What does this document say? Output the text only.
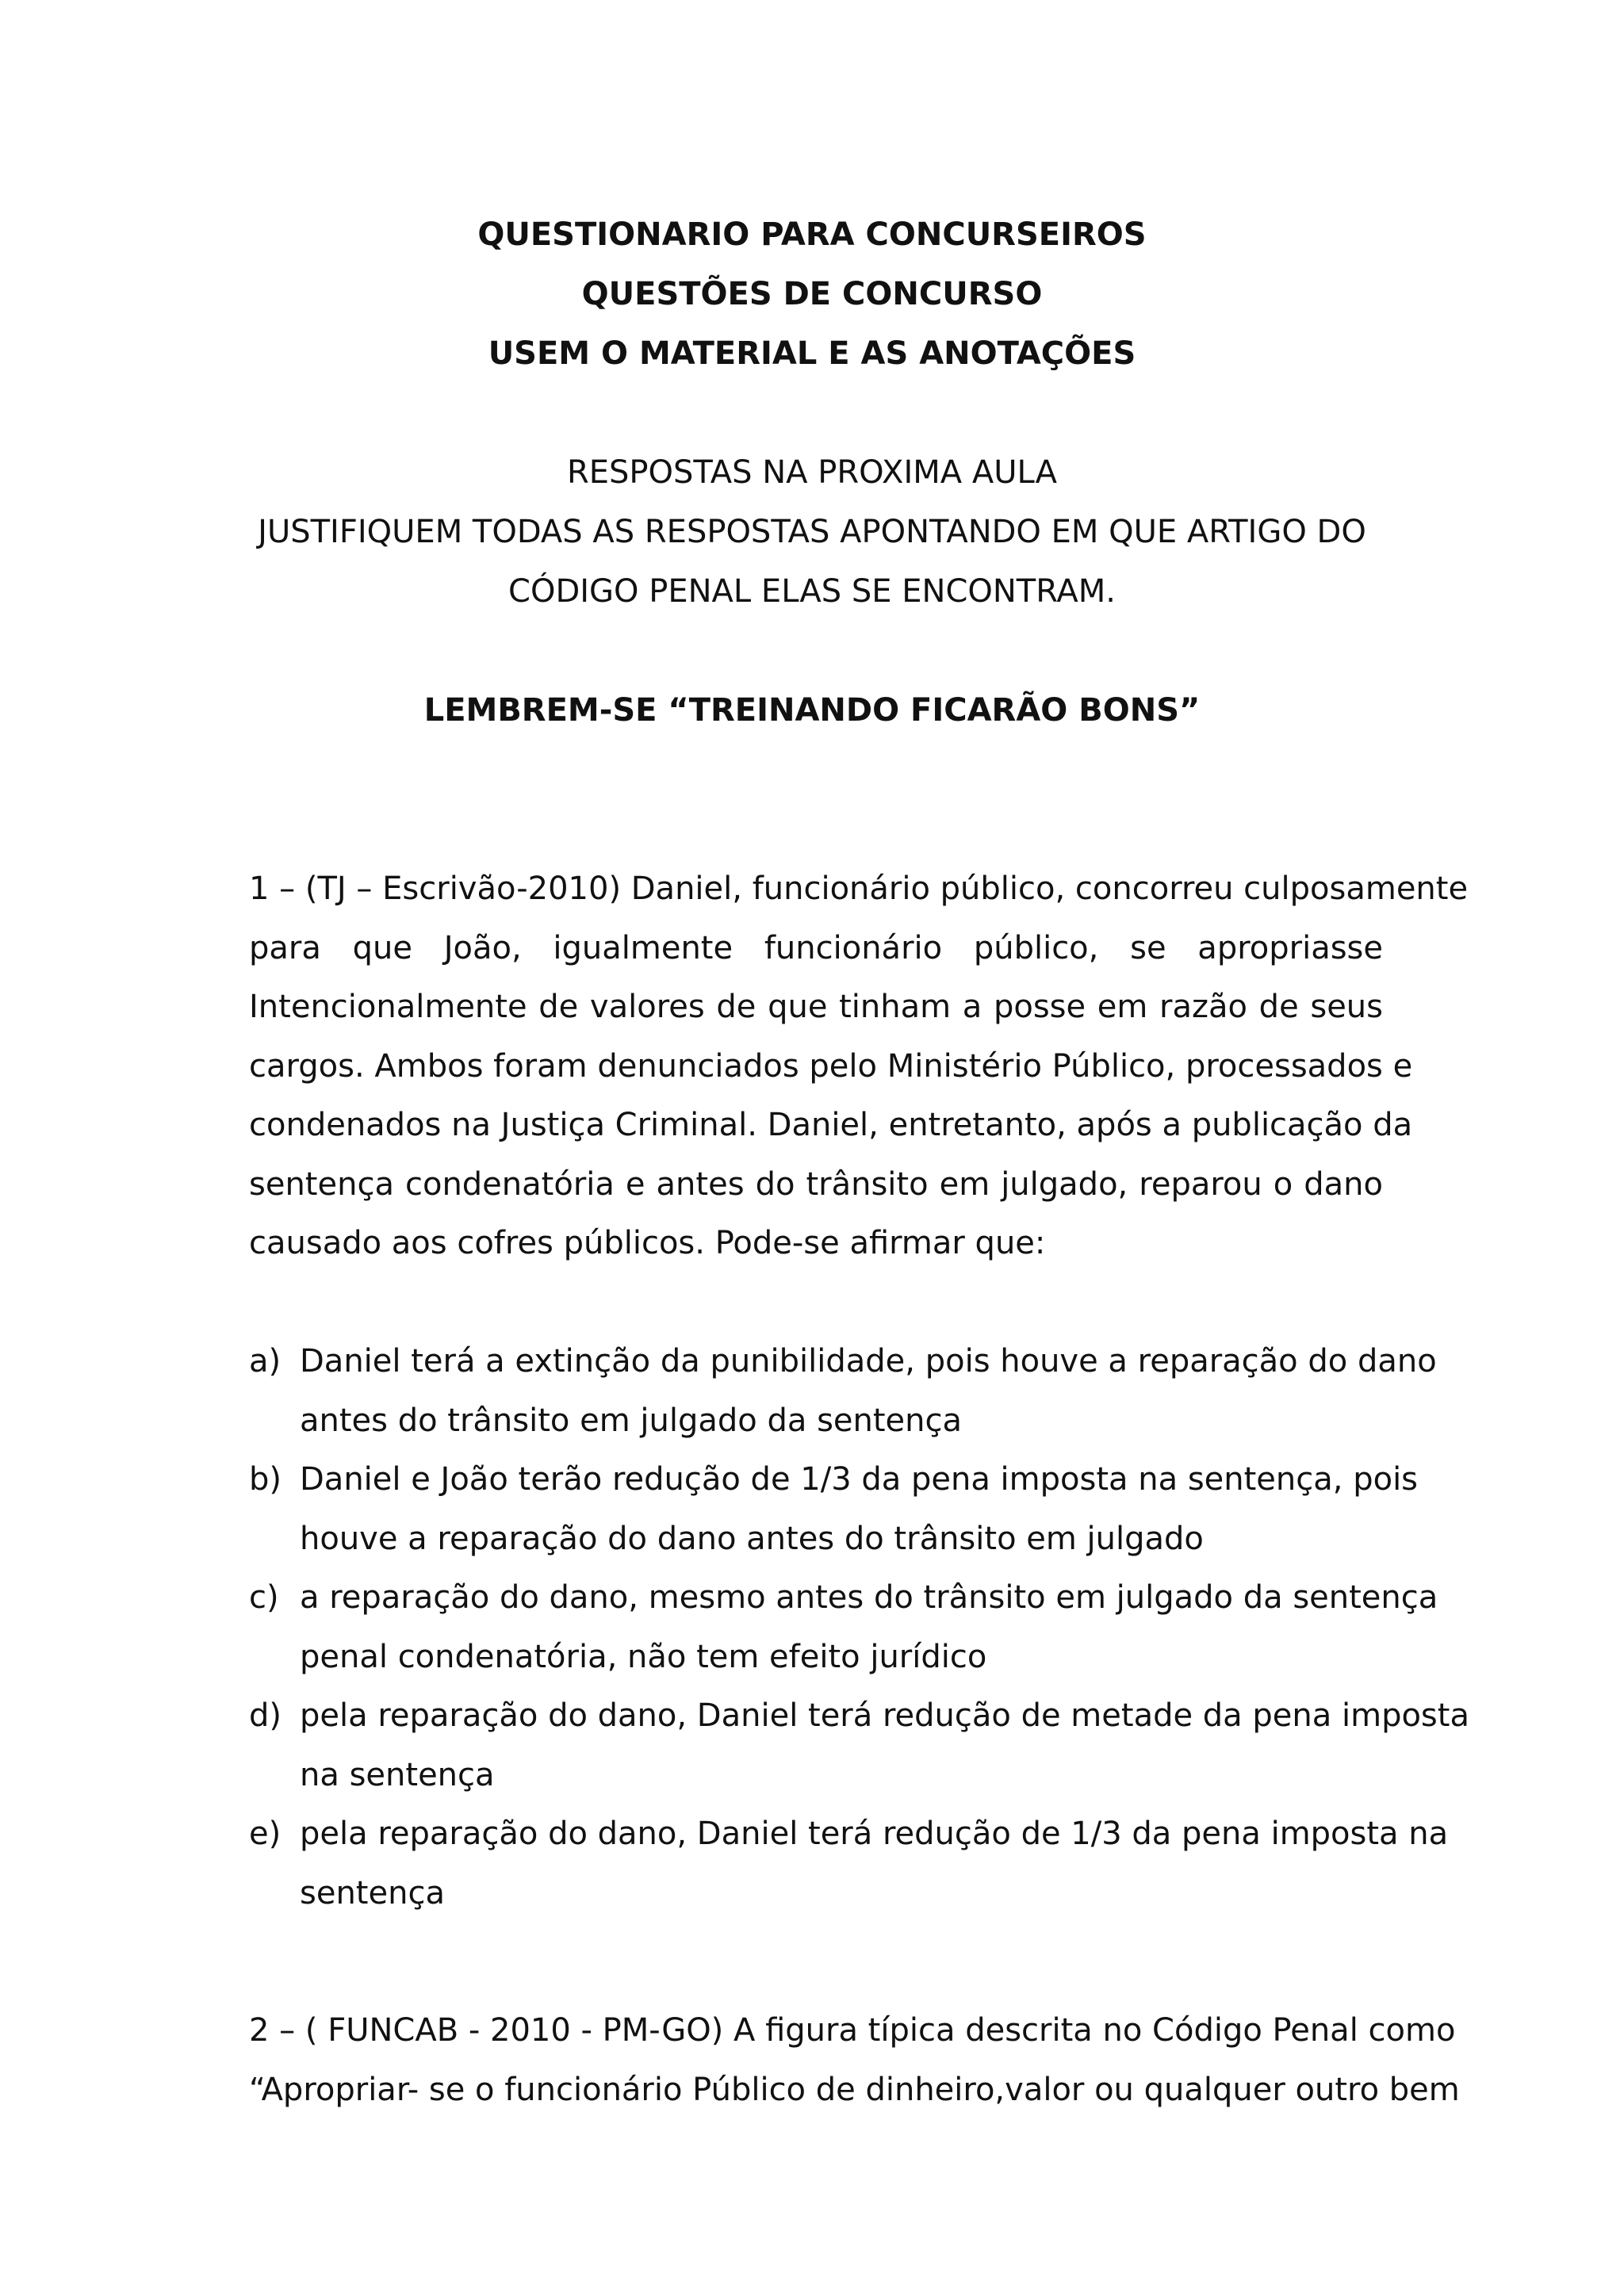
QUESTIONARIO PARA CONCURSEIROS
QUESTÕES DE CONCURSO
USEM O MATERIAL E AS ANOTAÇÕES
RESPOSTAS NA PROXIMA AULA
JUSTIFIQUEM TODAS AS RESPOSTAS APONTANDO EM QUE ARTIGO DO
CÓDIGO PENAL ELAS SE ENCONTRAM.
LEMBREM-SE “TREINANDO FICARÃO BONS”
1 – (TJ – Escrivão-2010) Daniel, funcionário público, concorreu culposamente
para que João, igualmente funcionário público, se apropriasse
Intencionalmente de valores de que tinham a posse em razão de seus
cargos. Ambos foram denunciados pelo Ministério Público, processados e
condenados na Justiça Criminal. Daniel, entretanto, após a publicação da
sentença condenatória e antes do trânsito em julgado, reparou o dano
causado aos cofres públicos. Pode-se afirmar que:
a) Daniel terá a extinção da punibilidade, pois houve a reparação do dano
antes do trânsito em julgado da sentença
b) Daniel e João terão redução de 1/3 da pena imposta na sentença, pois
houve a reparação do dano antes do trânsito em julgado
c) a reparação do dano, mesmo antes do trânsito em julgado da sentença
penal condenatória, não tem efeito jurídico
d) pela reparação do dano, Daniel terá redução de metade da pena imposta
na sentença
e) pela reparação do dano, Daniel terá redução de 1/3 da pena imposta na
sentença
2 – ( FUNCAB - 2010 - PM-GO) A figura típica descrita no Código Penal como
“Apropriar- se o funcionário Público de dinheiro,valor ou qualquer outro bem
